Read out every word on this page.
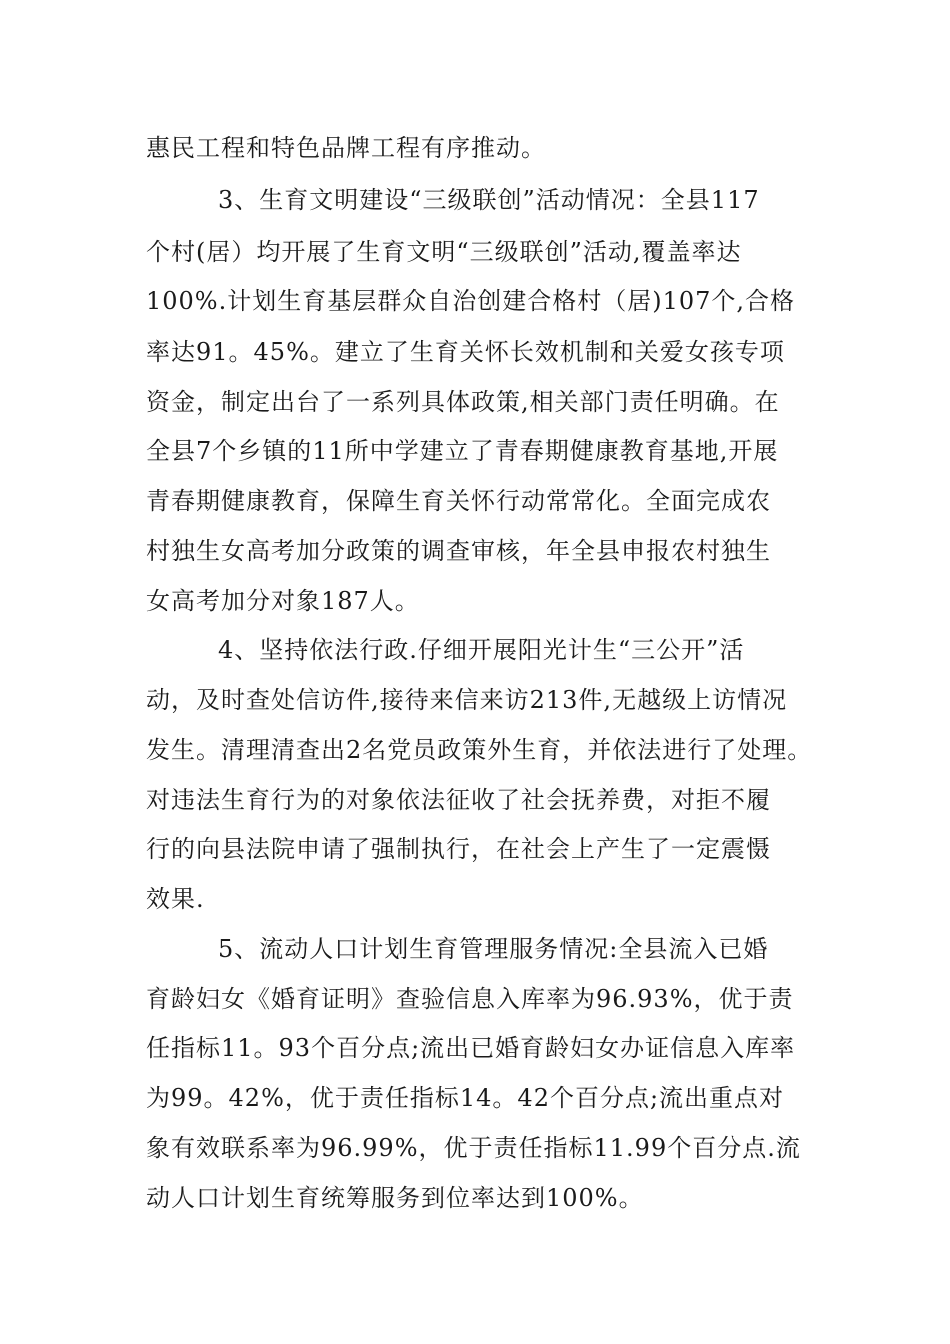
惠民工程和特色品牌工程有序推动。
3、生育文明建设“三级联创”活动情况：全县117
个村(居）均开展了生育文明“三级联创”活动,覆盖率达
100%.计划生育基层群众自治创建合格村（居)107个,合格
率达91。45%。建立了生育关怀长效机制和关爱女孩专项
资金，制定出台了一系列具体政策,相关部门责任明确。在
全县7个乡镇的11所中学建立了青春期健康教育基地,开展
青春期健康教育，保障生育关怀行动常常化。全面完成农
村独生女高考加分政策的调查审核，年全县申报农村独生
女高考加分对象187人。
4、坚持依法行政.仔细开展阳光计生“三公开”活
动，及时查处信访件,接待来信来访213件,无越级上访情况
发生。清理清查出2名党员政策外生育，并依法进行了处理。
对违法生育行为的对象依法征收了社会抚养费，对拒不履
行的向县法院申请了强制执行，在社会上产生了一定震慑
效果.
5、流动人口计划生育管理服务情况:全县流入已婚
育龄妇女《婚育证明》查验信息入库率为96.93%，优于责
任指标11。93个百分点;流出已婚育龄妇女办证信息入库率
为99。42%，优于责任指标14。42个百分点;流出重点对
象有效联系率为96.99%，优于责任指标11.99个百分点.流
动人口计划生育统筹服务到位率达到100%。
